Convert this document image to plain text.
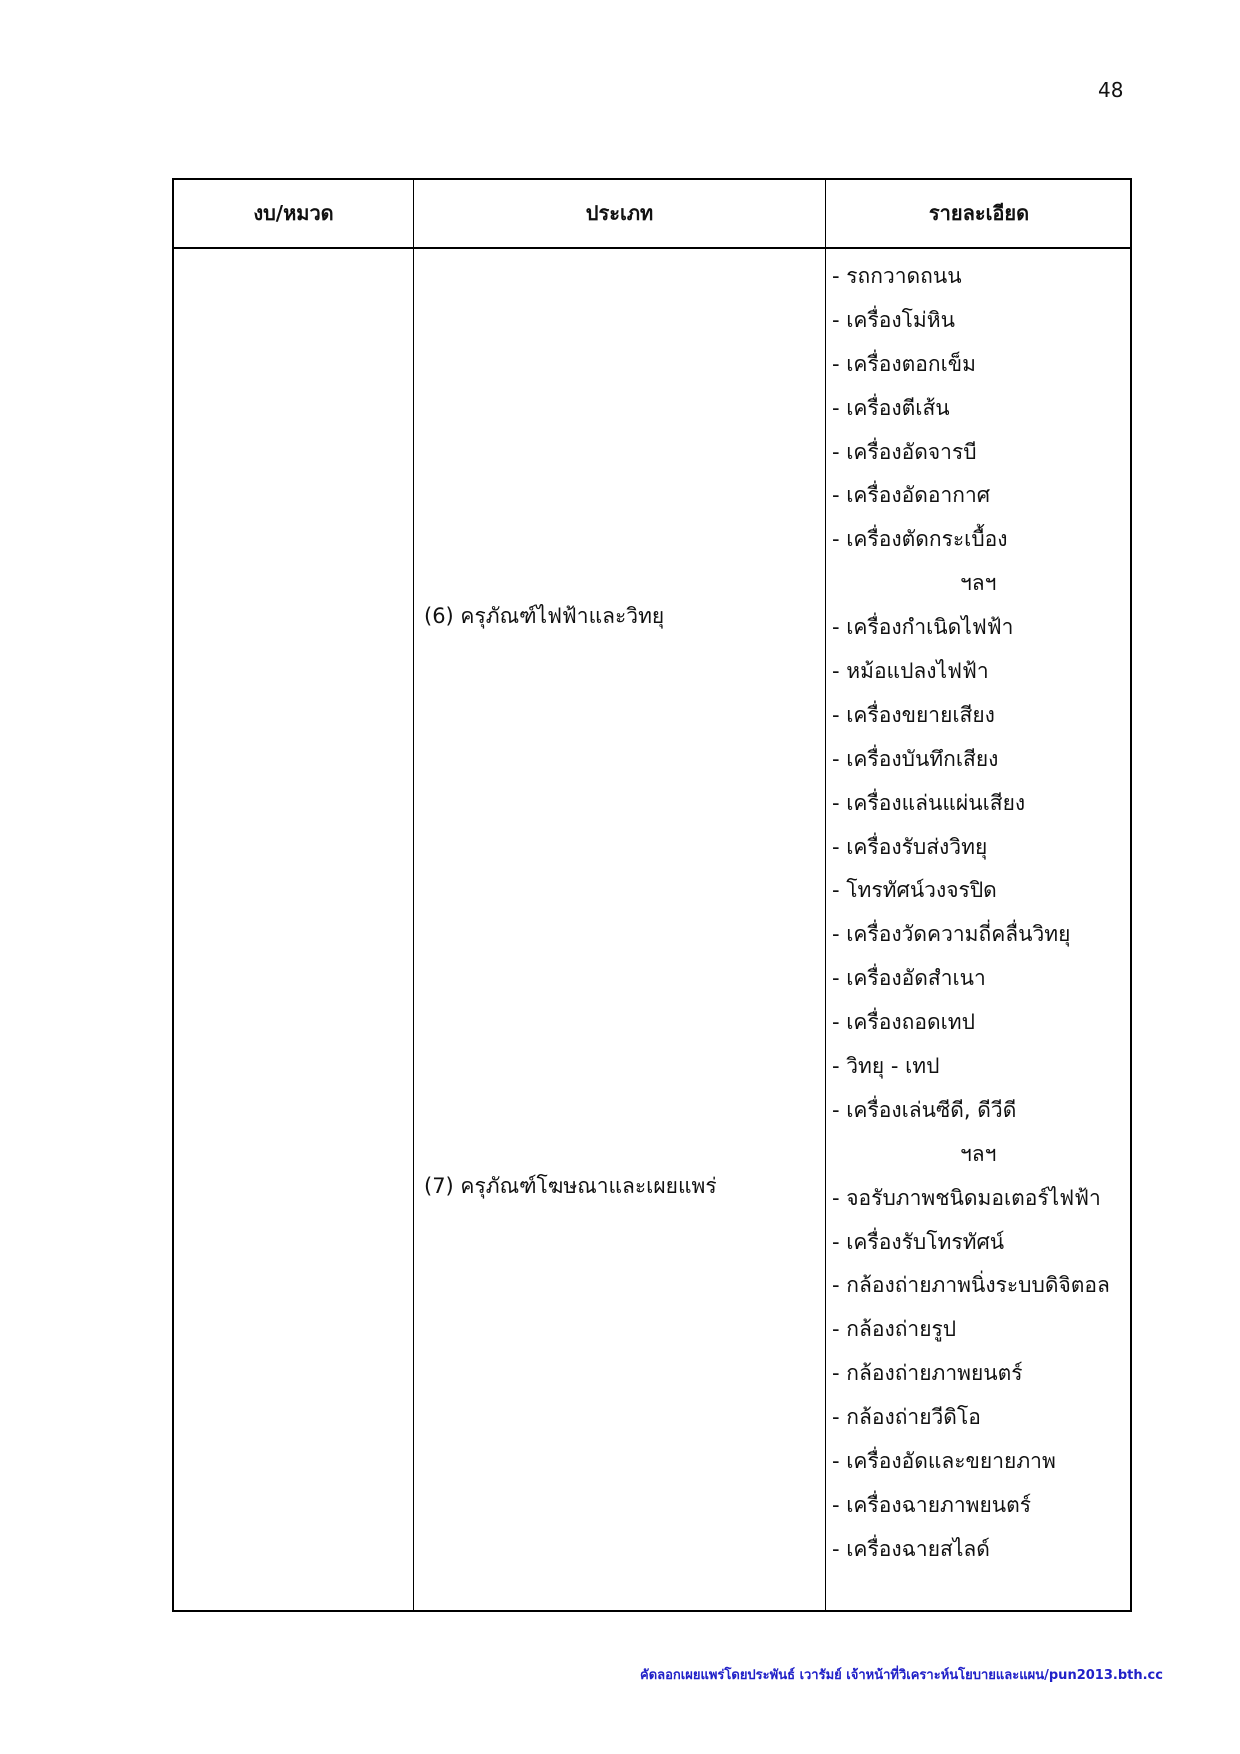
48
งบ/หมวด	ประเภท	รายละเอียด
(6) ครุภัณฑ์ไฟฟ้าและวิทยุ
(7) ครุภัณฑ์โฆษณาและเผยแพร่
- รถกวาดถนน
- เครื่องโม่หิน
- เครื่องตอกเข็ม
- เครื่องตีเส้น
- เครื่องอัดจารบี
- เครื่องอัดอากาศ
- เครื่องตัดกระเบื้อง
ฯลฯ
- เครื่องกำเนิดไฟฟ้า
- หม้อแปลงไฟฟ้า
- เครื่องขยายเสียง
- เครื่องบันทึกเสียง
- เครื่องแล่นแผ่นเสียง
- เครื่องรับส่งวิทยุ
- โทรทัศน์วงจรปิด
- เครื่องวัดความถี่คลื่นวิทยุ
- เครื่องอัดสำเนา
- เครื่องถอดเทป
- วิทยุ - เทป
- เครื่องเล่นซีดี, ดีวีดี
ฯลฯ
- จอรับภาพชนิดมอเตอร์ไฟฟ้า
- เครื่องรับโทรทัศน์
- กล้องถ่ายภาพนิ่งระบบดิจิตอล
- กล้องถ่ายรูป
- กล้องถ่ายภาพยนตร์
- กล้องถ่ายวีดิโอ
- เครื่องอัดและขยายภาพ
- เครื่องฉายภาพยนตร์
- เครื่องฉายสไลด์
คัดลอกเผยแพร่โดยประพันธ์ เวารัมย์ เจ้าหน้าที่วิเคราะห์นโยบายและแผน/pun2013.bth.cc
